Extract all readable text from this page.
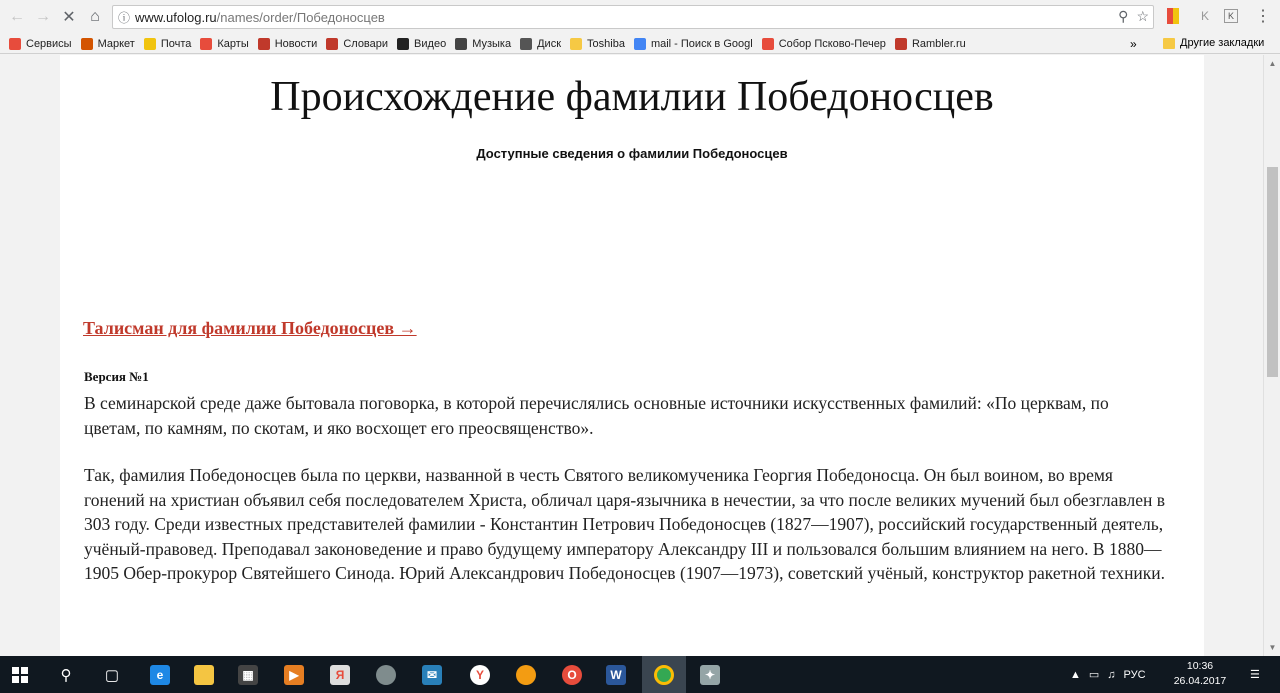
← → ✕ ⌂	ⓘ www.ufolog.ru /names/order/Победоносцев	⚲ ☆	K	K ⋮
Сервисы Маркет Почта Карты Новости Словари Видео Музыка Диск Toshiba mail - Поиск в Googl Собор Псково-Печер Rambler.ru	»	Другие закладки
Происхождение фамилии Победоносцев
Доступные сведения о фамилии Победоносцев
Талисман для фамилии Победоносцев →
Версия №1
В семинарской среде даже бытовала поговорка, в которой перечислялись основные источники искусственных фамилий: «По церквам, по цветам, по камням, по скотам, и яко восхощет его преосвященство».
Так, фамилия Победоносцев была по церкви, названной в честь Святого великомученика Георгия Победоносца. Он был воином, во время гонений на христиан объявил себя последователем Христа, обличал царя-язычника в нечестии, за что после великих мучений был обезглавлен в 303 году. Среди известных представителей фамилии - Константин Петрович Победоносцев (1827—1907), российский государственный деятель, учёный-правовед. Преподавал законоведение и право будущему императору Александру III и пользовался большим влиянием на него. В 1880—1905 Обер-прокурор Святейшего Синода. Юрий Александрович Победоносцев (1907—1973), советский учёный, конструктор ракетной техники.
▲
▼
⚲	▢	e	▦	▶	Я	✉	Y	O	W	✦	▲ ▭ ♫ РУС	☰
10:36
26.04.2017
